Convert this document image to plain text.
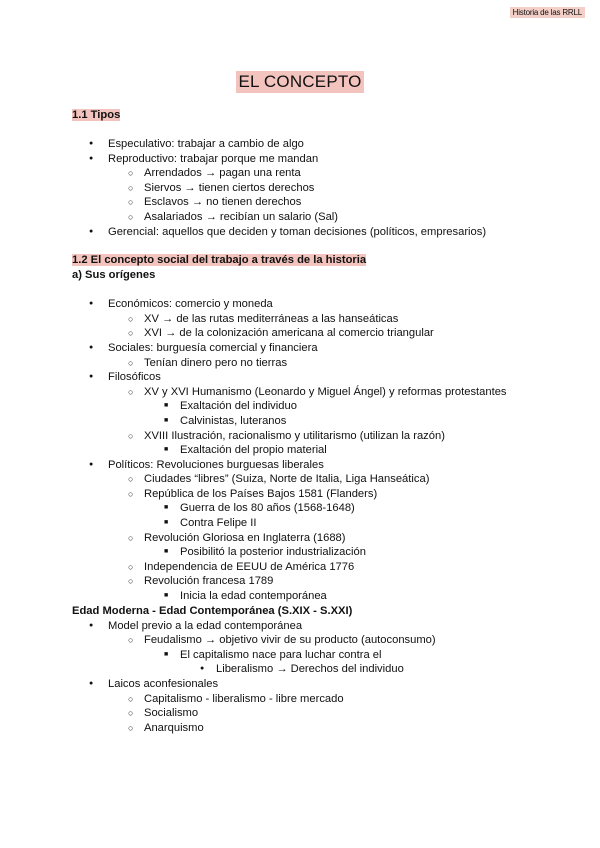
Historia de las RRLL
EL CONCEPTO
1.1 Tipos
● Especulativo: trabajar a cambio de algo
● Reproductivo: trabajar porque me mandan
○ Arrendados → pagan una renta
○ Siervos → tienen ciertos derechos
○ Esclavos → no tienen derechos
○ Asalariados → recibían un salario (Sal)
● Gerencial: aquellos que deciden y toman decisiones (políticos, empresarios)
1.2 El concepto social del trabajo a través de la historia
a) Sus orígenes
● Económicos: comercio y moneda
○ XV → de las rutas mediterráneas a las hanseáticas
○ XVI → de la colonización americana al comercio triangular
● Sociales: burguesía comercial y financiera
○ Tenían dinero pero no tierras
● Filosóficos
○ XV y XVI Humanismo (Leonardo y Miguel Ángel) y reformas protestantes
■ Exaltación del individuo
■ Calvinistas, luteranos
○ XVIII Ilustración, racionalismo y utilitarismo (utilizan la razón)
■ Exaltación del propio material
● Políticos: Revoluciones burguesas liberales
○ Ciudades “libres” (Suiza, Norte de Italia, Liga Hanseática)
○ República de los Países Bajos 1581 (Flanders)
■ Guerra de los 80 años (1568-1648)
■ Contra Felipe II
○ Revolución Gloriosa en Inglaterra (1688)
■ Posibilitó la posterior industrialización
○ Independencia de EEUU de América 1776
○ Revolución francesa 1789
■ Inicia la edad contemporánea
Edad Moderna - Edad Contemporánea (S.XIX - S.XXI)
● Model previo a la edad contemporánea
○ Feudalismo → objetivo vivir de su producto (autoconsumo)
■ El capitalismo nace para luchar contra el
● Liberalismo → Derechos del individuo
● Laicos aconfesionales
○ Capitalismo - liberalismo - libre mercado
○ Socialismo
○ Anarquismo
